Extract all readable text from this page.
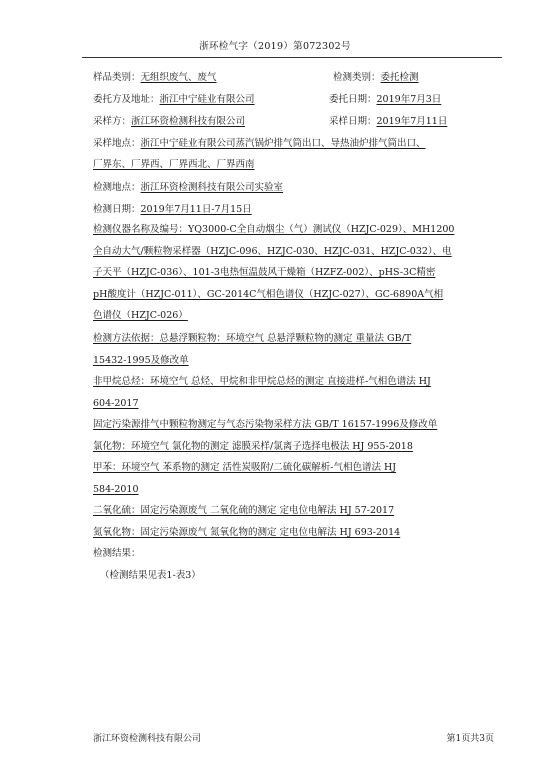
浙环检气字（2019）第072302号
样品类别：无组织废气、废气	检测类别：委托检测
委托方及地址：浙江中宁硅业有限公司	委托日期：2019年7月3日
采样方：浙江环资检测科技有限公司	采样日期：2019年7月11日
采样地点：浙江中宁硅业有限公司蒸汽锅炉排气筒出口、导热油炉排气筒出口、
厂界东、厂界西、厂界西北、厂界西南
检测地点：浙江环资检测科技有限公司实验室
检测日期：2019年7月11日-7月15日
检测仪器名称及编号：YQ3000-C全自动烟尘（气）测试仪（HZJC-029）、MH1200
全自动大气/颗粒物采样器（HZJC-096、HZJC-030、HZJC-031、HZJC-032）、电
子天平（HZJC-036）、101-3电热恒温鼓风干燥箱（HZFZ-002）、pHS-3C精密
pH酸度计（HZJC-011）、GC-2014C气相色谱仪（HZJC-027）、GC-6890A气相
色谱仪（HZJC-026）
检测方法依据：总悬浮颗粒物：环境空气 总悬浮颗粒物的测定 重量法 GB/T
15432-1995及修改单
非甲烷总烃：环境空气 总烃、甲烷和非甲烷总烃的测定 直接进样-气相色谱法 HJ
604-2017
固定污染源排气中颗粒物测定与气态污染物采样方法 GB/T 16157-1996及修改单
氯化物：环境空气 氯化物的测定 滤膜采样/氯离子选择电极法 HJ 955-2018
甲苯：环境空气 苯系物的测定 活性炭吸附/二硫化碳解析-气相色谱法 HJ
584-2010
二氧化硫：固定污染源废气 二氧化硫的测定 定电位电解法 HJ 57-2017
氮氧化物：固定污染源废气 氮氧化物的测定 定电位电解法 HJ 693-2014
检测结果：
（检测结果见表1-表3）
浙江环资检测科技有限公司	第1页共3页
